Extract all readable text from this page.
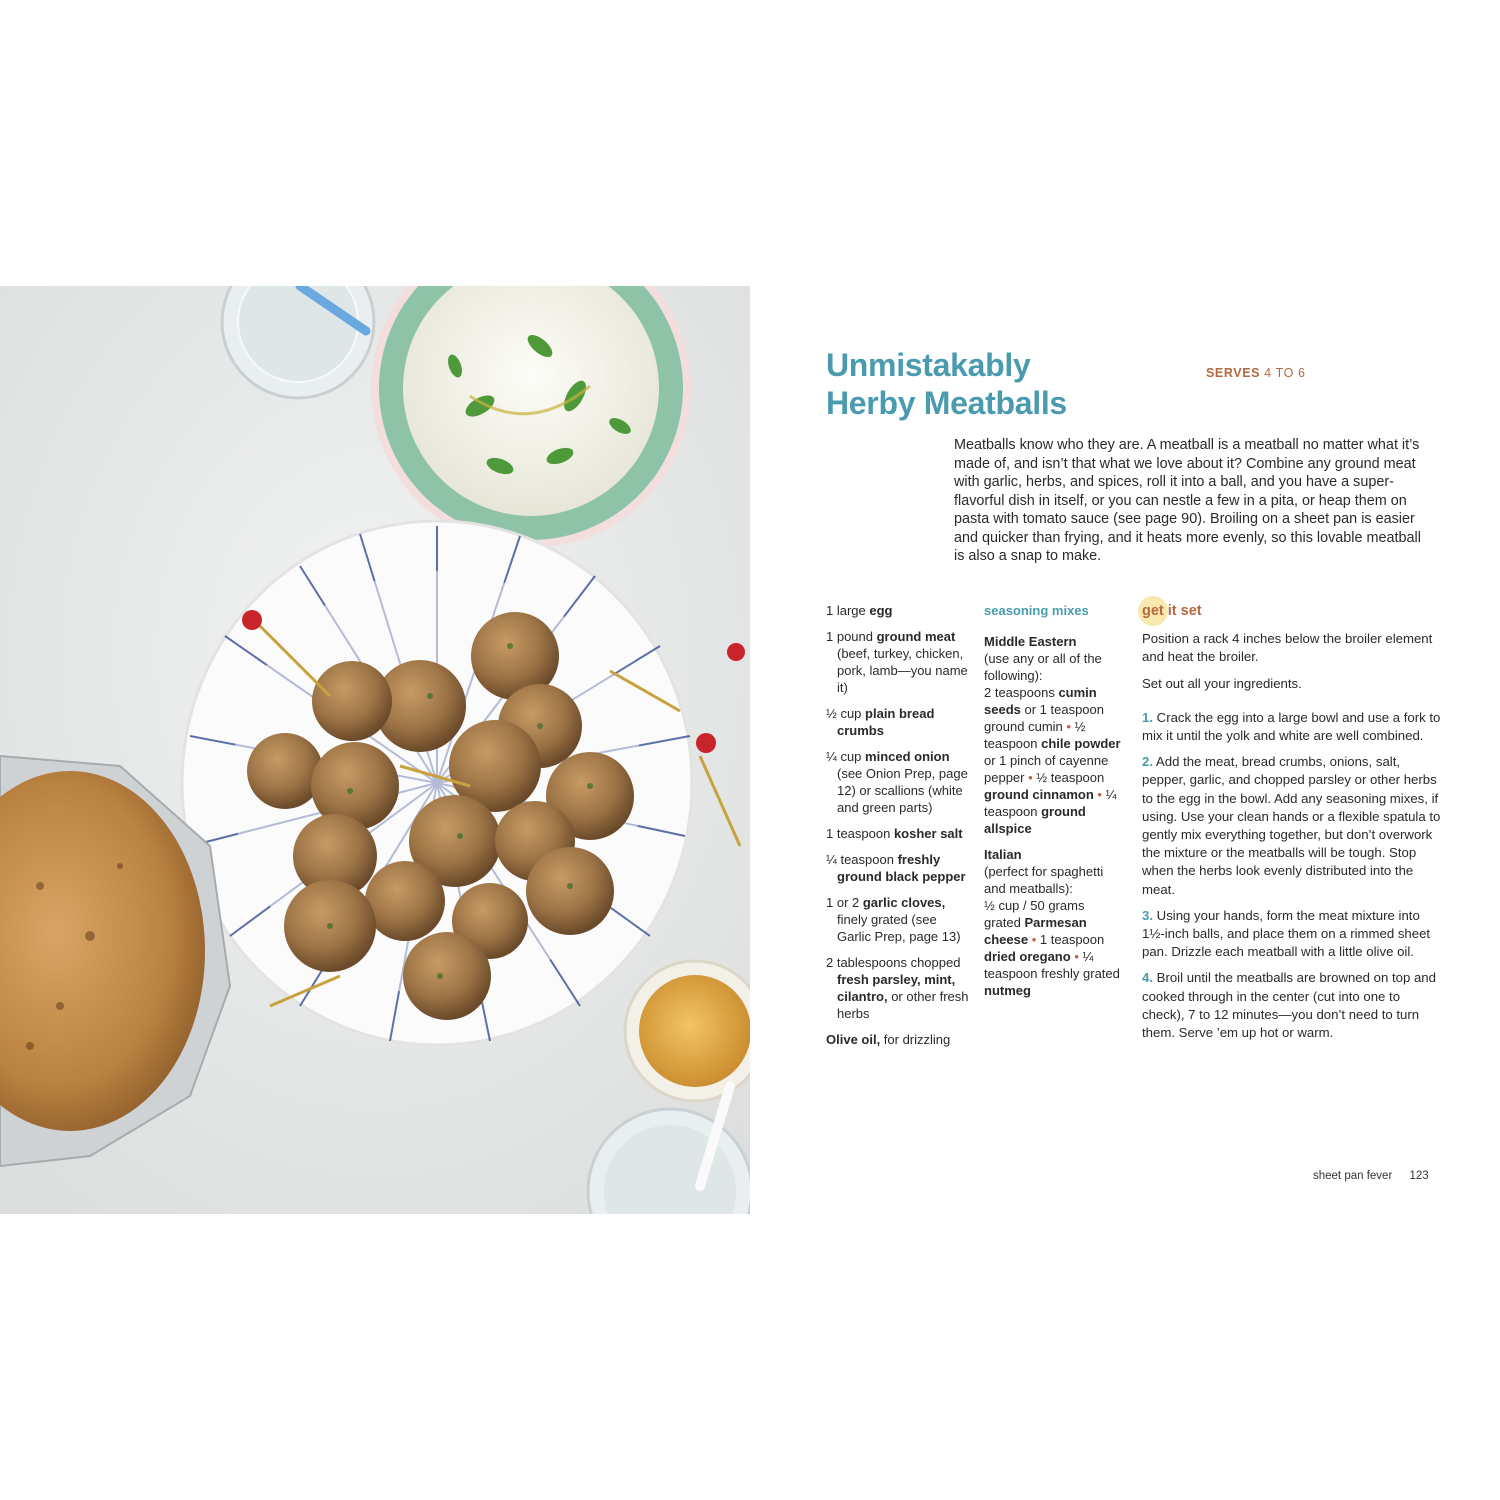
Unmistakably
Herby Meatballs
SERVES 4 TO 6

Meatballs know who they are. A meatball is a meatball no matter what it’s made of, and isn’t that what we love about it? Combine any ground meat with garlic, herbs, and spices, roll it into a ball, and you have a super-flavorful dish in itself, or you can nestle a few in a pita, or heap them on pasta with tomato sauce (see page 90). Broiling on a sheet pan is easier and quicker than frying, and it heats more evenly, so this lovable meatball is also a snap to make.

1 large egg

1 pound ground meat (beef, turkey, chicken, pork, lamb—you name it)

½ cup plain bread crumbs

¼ cup minced onion (see Onion Prep, page 12) or scallions (white and green parts)

1 teaspoon kosher salt

¼ teaspoon freshly ground black pepper

1 or 2 garlic cloves, finely grated (see Garlic Prep, page 13)

2 tablespoons chopped fresh parsley, mint, cilantro, or other fresh herbs

Olive oil, for drizzling

seasoning mixes

Middle Eastern
(use any or all of the following):
2 teaspoons cumin seeds or 1 teaspoon ground cumin • ½ teaspoon chile powder or 1 pinch of cayenne pepper • ½ teaspoon ground cinnamon • ¼ teaspoon ground allspice

Italian
(perfect for spaghetti and meatballs):
½ cup / 50 grams grated Parmesan cheese • 1 teaspoon dried oregano • ¼ teaspoon freshly grated nutmeg

get it set

Position a rack 4 inches below the broiler element and heat the broiler.

Set out all your ingredients.

1. Crack the egg into a large bowl and use a fork to mix it until the yolk and white are well combined.

2. Add the meat, bread crumbs, onions, salt, pepper, garlic, and chopped parsley or other herbs to the egg in the bowl. Add any seasoning mixes, if using. Use your clean hands or a flexible spatula to gently mix everything together, but don’t overwork the mixture or the meatballs will be tough. Stop when the herbs look evenly distributed into the meat.

3. Using your hands, form the meat mixture into 1½-inch balls, and place them on a rimmed sheet pan. Drizzle each meatball with a little olive oil.

4. Broil until the meatballs are browned on top and cooked through in the center (cut into one to check), 7 to 12 minutes—you don’t need to turn them. Serve ’em up hot or warm.

sheet pan fever 123
